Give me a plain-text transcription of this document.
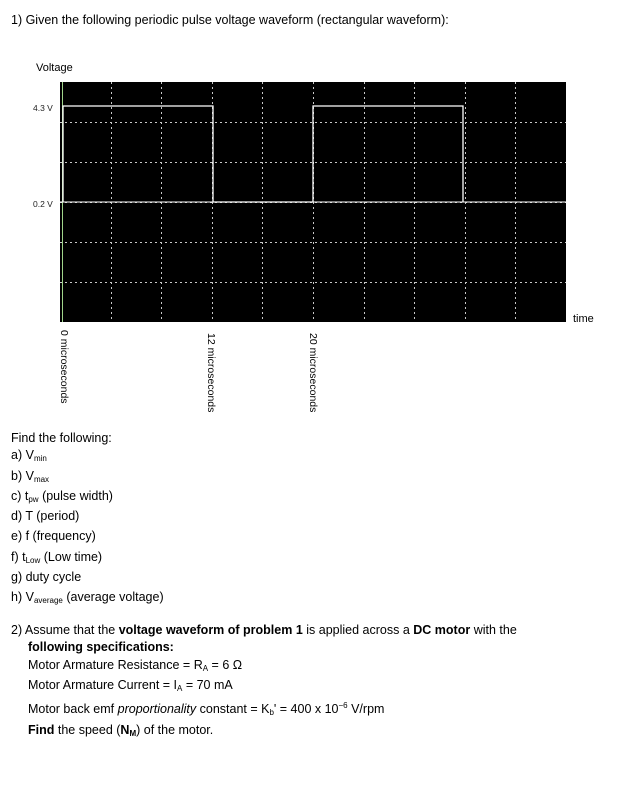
1) Given the following periodic pulse voltage waveform (rectangular waveform):
Voltage
4.3 V
0.2 V
time
0 microseconds	12 microseconds	20 microseconds
Find the following:
a) $V_{min}$
b) $V_{max}$
c) $t_{pw}$ (pulse width)
d) T (period)
e) f (frequency)
f) $t_{Low}$ (Low time)
g) duty cycle
h) $V_{average}$ (average voltage)
2) Assume that the voltage waveform of problem 1 is applied across a DC motor with the
following specifications:
Motor Armature Resistance = $R_A = 6$ Ω
Motor Armature Current = $I_A = 70$ mA
Motor back emf proportionality constant = $K_b' = 400$ x $10^{-6}$ V/rpm
Find the speed $(N_M)$ of the motor.
